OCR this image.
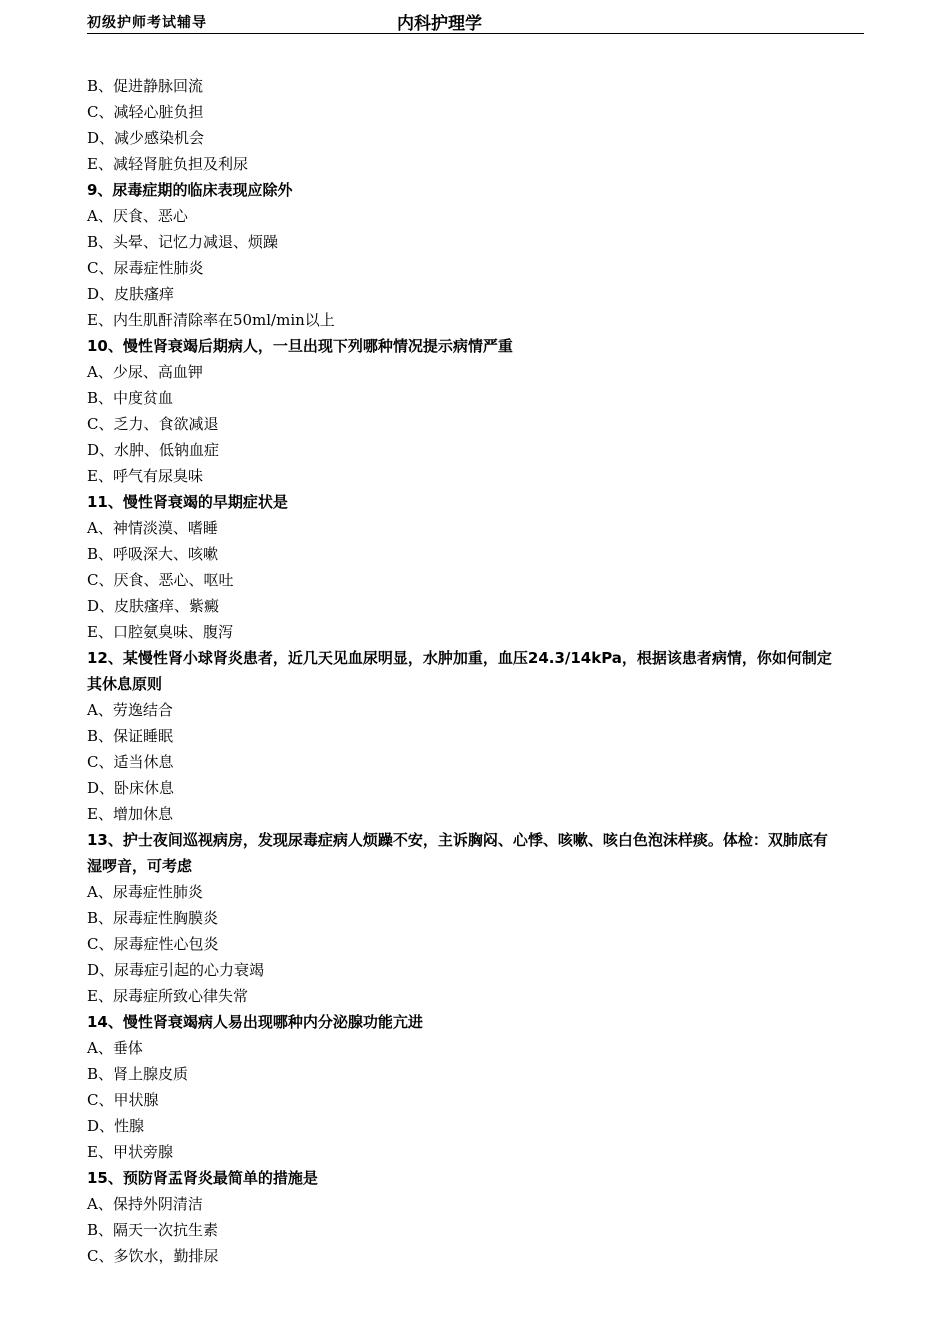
初级护师考试辅导	内科护理学
B、促进静脉回流
C、减轻心脏负担
D、减少感染机会
E、减轻肾脏负担及利尿
9、尿毒症期的临床表现应除外
A、厌食、恶心
B、头晕、记忆力减退、烦躁
C、尿毒症性肺炎
D、皮肤瘙痒
E、内生肌酐清除率在50ml/min以上
10、慢性肾衰竭后期病人，一旦出现下列哪种情况提示病情严重
A、少尿、高血钾
B、中度贫血
C、乏力、食欲减退
D、水肿、低钠血症
E、呼气有尿臭味
11、慢性肾衰竭的早期症状是
A、神情淡漠、嗜睡
B、呼吸深大、咳嗽
C、厌食、恶心、呕吐
D、皮肤瘙痒、紫癜
E、口腔氨臭味、腹泻
12、某慢性肾小球肾炎患者，近几天见血尿明显，水肿加重，血压24.3/14kPa，根据该患者病情，你如何制定
其休息原则
A、劳逸结合
B、保证睡眠
C、适当休息
D、卧床休息
E、增加休息
13、护士夜间巡视病房，发现尿毒症病人烦躁不安，主诉胸闷、心悸、咳嗽、咳白色泡沫样痰。体检：双肺底有
湿啰音，可考虑
A、尿毒症性肺炎
B、尿毒症性胸膜炎
C、尿毒症性心包炎
D、尿毒症引起的心力衰竭
E、尿毒症所致心律失常
14、慢性肾衰竭病人易出现哪种内分泌腺功能亢进
A、垂体
B、肾上腺皮质
C、甲状腺
D、性腺
E、甲状旁腺
15、预防肾盂肾炎最简单的措施是
A、保持外阴清洁
B、隔天一次抗生素
C、多饮水，勤排尿
